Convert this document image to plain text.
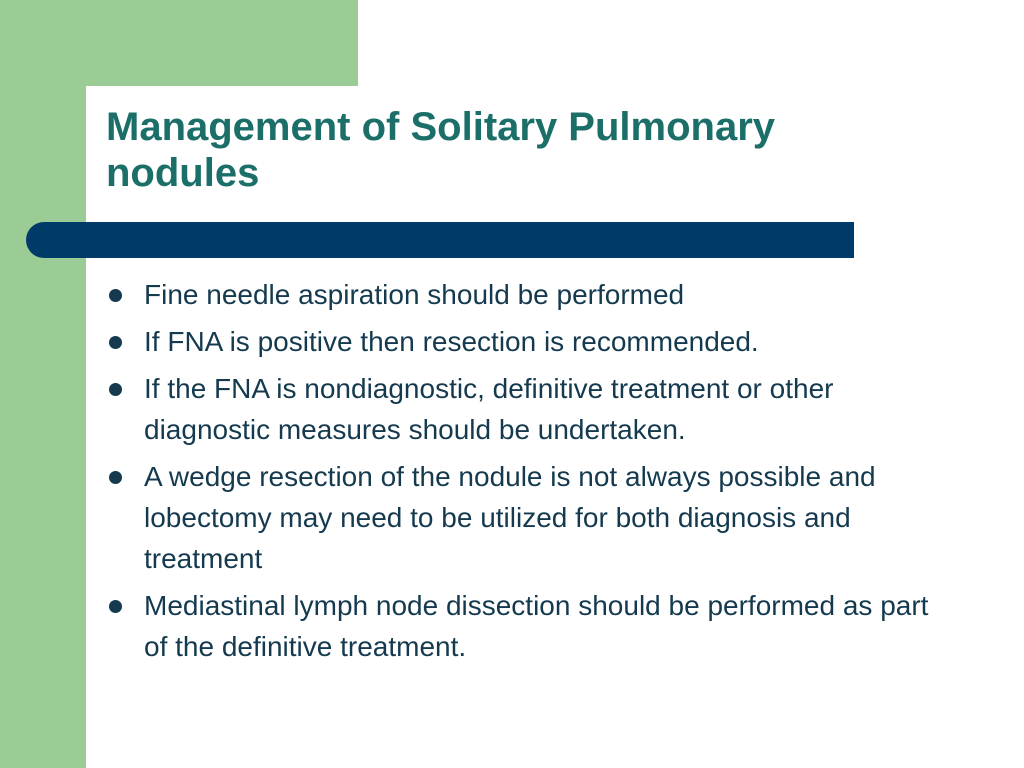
Management of Solitary Pulmonary
nodules
Fine needle aspiration should be performed
If FNA is positive then resection is recommended.
If the FNA is nondiagnostic, definitive treatment or other diagnostic measures should be undertaken.
A wedge resection of the nodule is not always possible and lobectomy may need to be utilized for both diagnosis and treatment
Mediastinal lymph node dissection should be performed as part of the definitive treatment.
